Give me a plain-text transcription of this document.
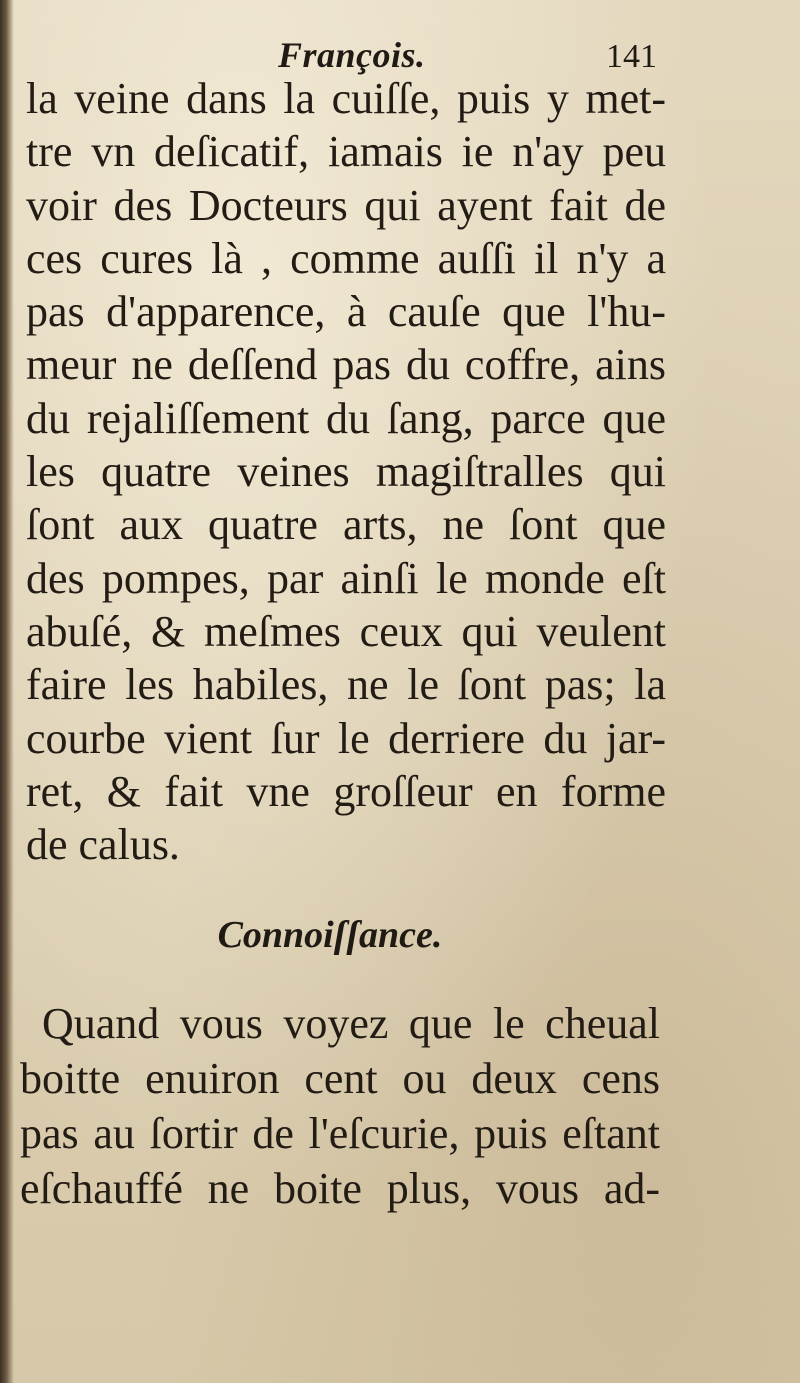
François.	141
la veine dans la cuiſſe, puis y met-
tre vn deſicatif, iamais ie n'ay peu
voir des Docteurs qui ayent fait de
ces cures là , comme auſſi il n'y a
pas d'apparence, à cauſe que l'hu-
meur ne deſſend pas du coffre, ains
du rejaliſſement du ſang, parce que
les quatre veines magiſtralles qui
ſont aux quatre arts, ne ſont que
des pompes, par ainſi le monde eſt
abuſé, & meſmes ceux qui veulent
faire les habiles, ne le ſont pas; la
courbe vient ſur le derriere du jar-
ret, & fait vne groſſeur en forme
de calus.
Connoiſſance.
Quand vous voyez que le cheual
boitte enuiron cent ou deux cens
pas au ſortir de l'eſcurie, puis eſtant
eſchauffé ne boite plus, vous ad-
